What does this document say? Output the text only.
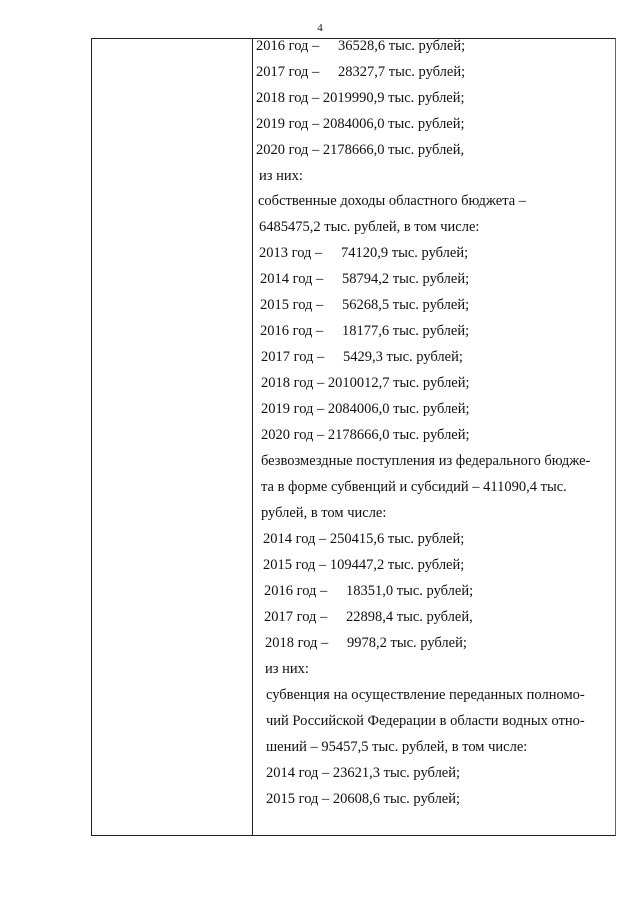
4
2016 год – 36528,6 тыс. рублей;
2017 год – 28327,7 тыс. рублей;
2018 год – 2019990,9 тыс. рублей;
2019 год – 2084006,0 тыс. рублей;
2020 год – 2178666,0 тыс. рублей,
из них:
собственные доходы областного бюджета –
6485475,2 тыс. рублей, в том числе:
2013 год – 74120,9 тыс. рублей;
2014 год – 58794,2 тыс. рублей;
2015 год – 56268,5 тыс. рублей;
2016 год – 18177,6 тыс. рублей;
2017 год – 5429,3 тыс. рублей;
2018 год – 2010012,7 тыс. рублей;
2019 год – 2084006,0 тыс. рублей;
2020 год – 2178666,0 тыс. рублей;
безвозмездные поступления из федерального бюдже-
та в форме субвенций и субсидий – 411090,4 тыс.
рублей, в том числе:
2014 год – 250415,6 тыс. рублей;
2015 год – 109447,2 тыс. рублей;
2016 год – 18351,0 тыс. рублей;
2017 год – 22898,4 тыс. рублей,
2018 год – 9978,2 тыс. рублей;
из них:
субвенция на осуществление переданных полномо-
чий Российской Федерации в области водных отно-
шений – 95457,5 тыс. рублей, в том числе:
2014 год – 23621,3 тыс. рублей;
2015 год – 20608,6 тыс. рублей;
